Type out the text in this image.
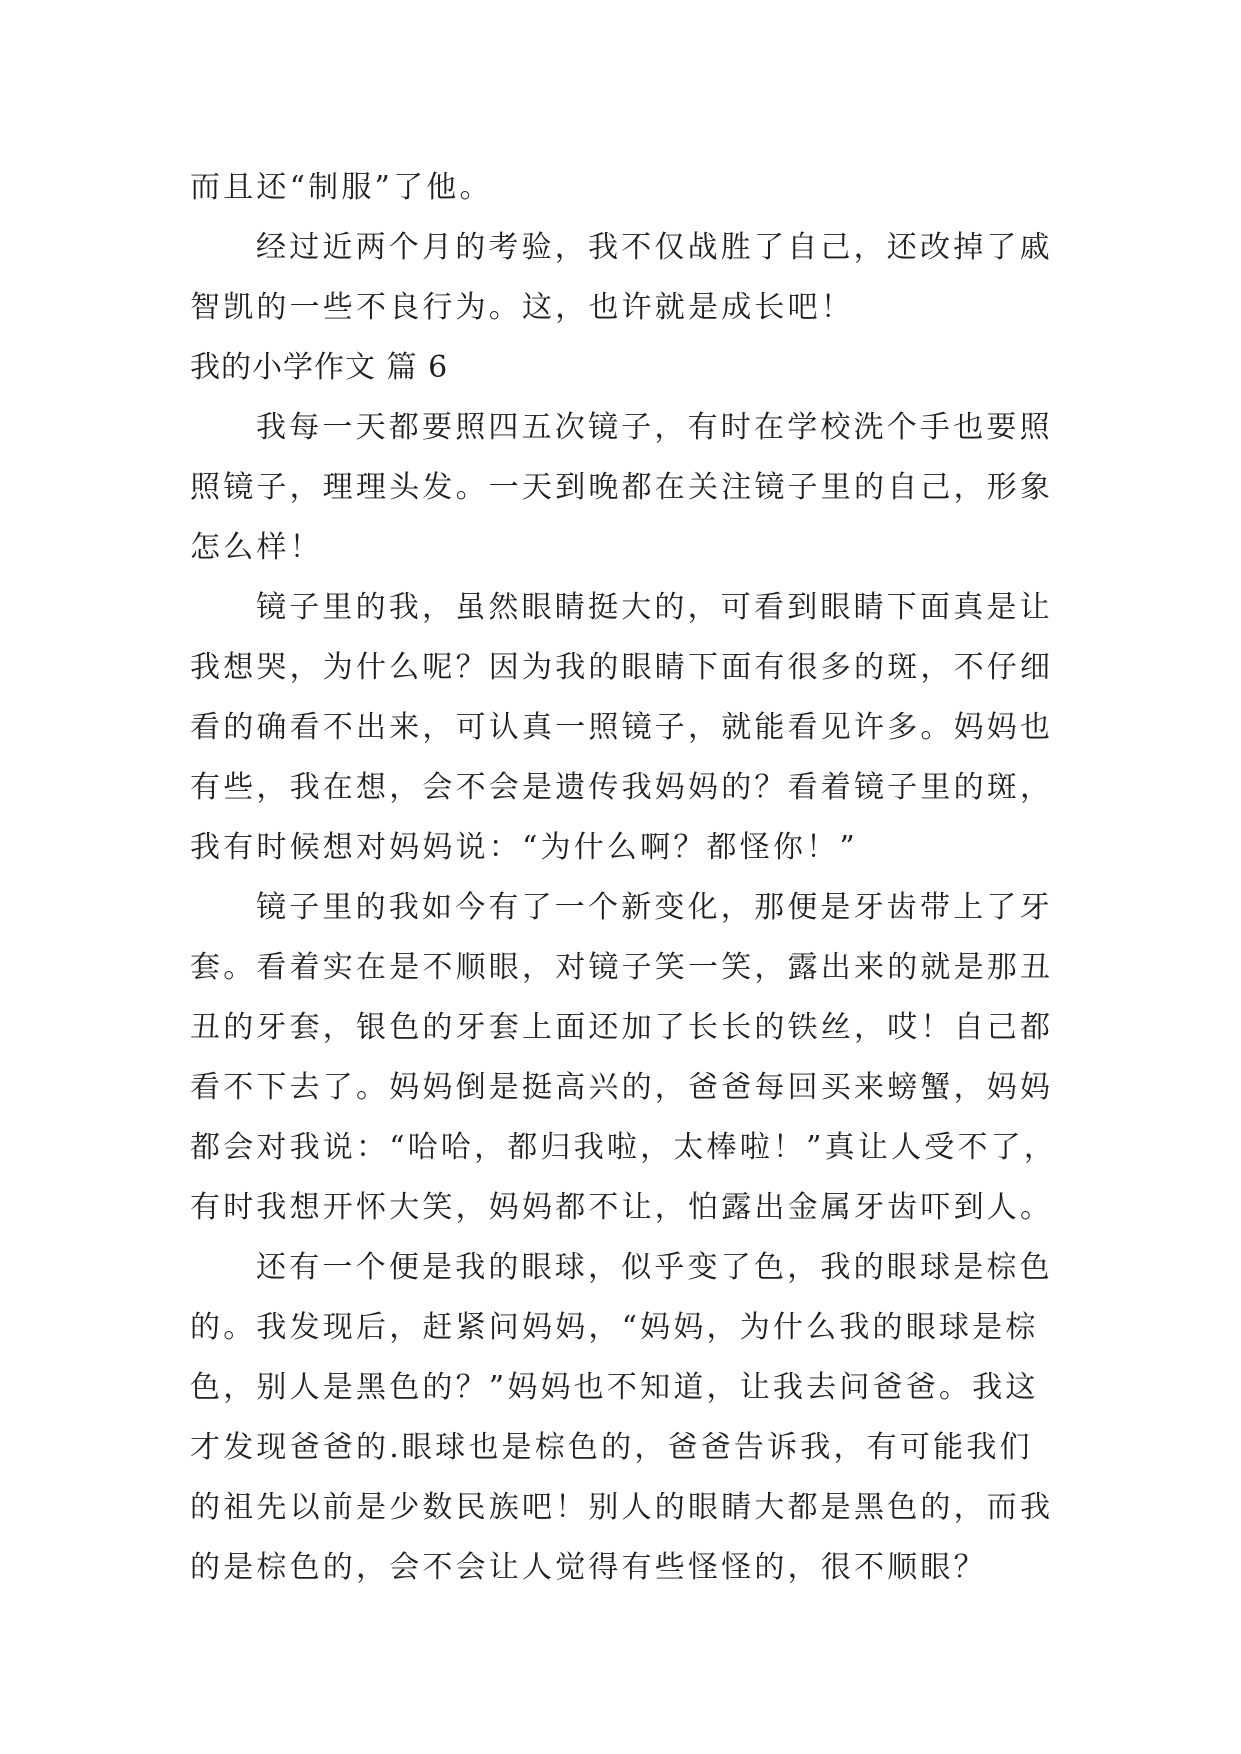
而且还“制服”了他。
经过近两个月的考验，我不仅战胜了自己，还改掉了戚
智凯的一些不良行为。这，也许就是成长吧！
我的小学作文 篇 6
我每一天都要照四五次镜子，有时在学校洗个手也要照
照镜子，理理头发。一天到晚都在关注镜子里的自己，形象
怎么样！
镜子里的我，虽然眼睛挺大的，可看到眼睛下面真是让
我想哭，为什么呢？因为我的眼睛下面有很多的斑，不仔细
看的确看不出来，可认真一照镜子，就能看见许多。妈妈也
有些，我在想，会不会是遗传我妈妈的？看着镜子里的斑，
我有时候想对妈妈说：“为什么啊？都怪你！”
镜子里的我如今有了一个新变化，那便是牙齿带上了牙
套。看着实在是不顺眼，对镜子笑一笑，露出来的就是那丑
丑的牙套，银色的牙套上面还加了长长的铁丝，哎！自己都
看不下去了。妈妈倒是挺高兴的，爸爸每回买来螃蟹，妈妈
都会对我说：“哈哈，都归我啦，太棒啦！”真让人受不了，
有时我想开怀大笑，妈妈都不让，怕露出金属牙齿吓到人。
还有一个便是我的眼球，似乎变了色，我的眼球是棕色
的。我发现后，赶紧问妈妈，“妈妈，为什么我的眼球是棕
色，别人是黑色的？”妈妈也不知道，让我去问爸爸。我这
才发现爸爸的.眼球也是棕色的，爸爸告诉我，有可能我们
的祖先以前是少数民族吧！别人的眼睛大都是黑色的，而我
的是棕色的，会不会让人觉得有些怪怪的，很不顺眼？
